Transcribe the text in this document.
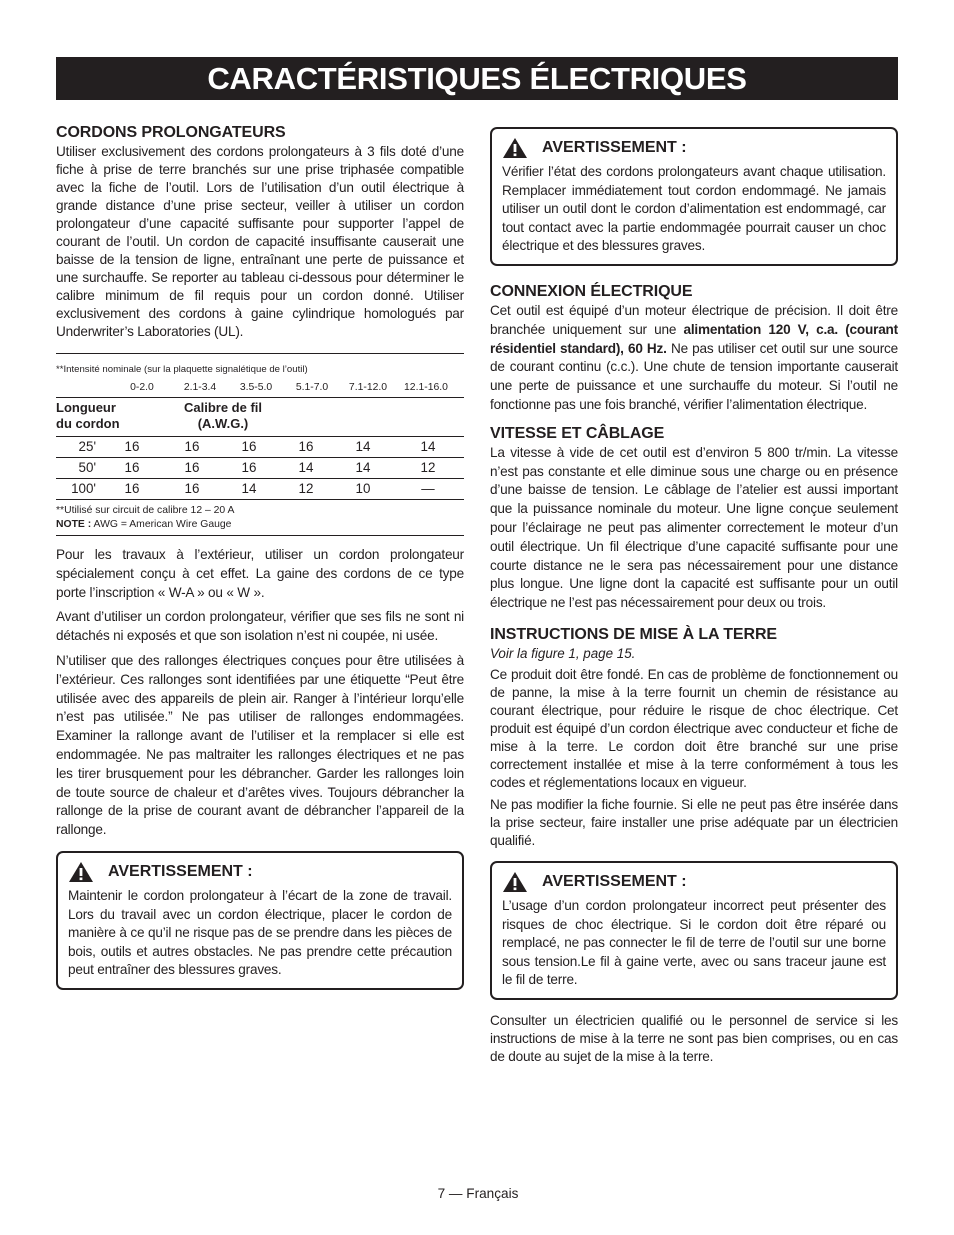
CARACTÉRISTIQUES ÉLECTRIQUES
CORDONS PROLONGATEURS

Utiliser exclusivement des cordons prolongateurs à 3 fils doté d’une fiche à prise de terre branchés sur une prise triphasée compatible avec la fiche de l’outil. Lors de l’utilisation d’un outil électrique à grande distance d’une prise secteur, veiller à utiliser un cordon prolongateur d’une capacité suffisante pour supporter l’appel de courant de l’outil. Un cordon de capacité insuffisante causerait une baisse de la tension de ligne, entraînant une perte de puissance et une surchauffe. Se reporter au tableau ci-dessous pour déterminer le calibre minimum de fil requis pour un cordon donné. Utiliser exclusivement des cordons à gaine cylindrique homologués par Underwriter’s Laboratories (UL).

**Intensité nominale (sur la plaquette signalétique de l’outil)
0-2.0	2.1-3.4	3.5-5.0	5.1-7.0	7.1-12.0	12.1-16.0
Longueur
du cordon
Calibre de fil
(A.W.G.)
25'	16	16	16	16	14	14
50'	16	16	16	14	14	12
100'	16	16	14	12	10	—
**Utilisé sur circuit de calibre 12 – 20 A
NOTE : AWG = American Wire Gauge

Pour les travaux à l’extérieur, utiliser un cordon prolongateur spécialement conçu à cet effet. La gaine des cordons de ce type porte l’inscription « W-A » ou « W ».

Avant d’utiliser un cordon prolongateur, vérifier que ses fils ne sont ni détachés ni exposés et que son isolation n’est ni coupée, ni usée.

N’utiliser que des rallonges électriques conçues pour être utilisées à l’extérieur. Ces rallonges sont identifiées par une étiquette “Peut être utilisée avec des appareils de plein air. Ranger à l’intérieur lorqu’elle n’est pas utilisée.” Ne pas utiliser de rallonges endommagées. Examiner la rallonge avant de l’utiliser et la remplacer si elle est endommagée. Ne pas maltraiter les rallonges électriques et ne pas les tirer brusquement pour les débrancher. Garder les rallonges loin de toute source de chaleur et d’arêtes vives. Toujours débrancher la rallonge de la prise de courant avant de débrancher l’appareil de la rallonge.

AVERTISSEMENT :

Maintenir le cordon prolongateur à l’écart de la zone de travail. Lors du travail avec un cordon électrique, placer le cordon de manière à ce qu’il ne risque pas de se prendre dans les pièces de bois, outils et autres obstacles. Ne pas prendre cette précaution peut entraîner des blessures graves.

AVERTISSEMENT :

Vérifier l’état des cordons prolongateurs avant chaque utilisation. Remplacer immédiatement tout cordon endommagé. Ne jamais utiliser un outil dont le cordon d’alimentation est endommagé, car tout contact avec la partie endommagée pourrait causer un choc électrique et des blessures graves.

CONNEXION ÉLECTRIQUE

Cet outil est équipé d’un moteur électrique de précision. Il doit être branchée uniquement sur une alimentation 120 V, c.a. (courant résidentiel standard), 60 Hz. Ne pas utiliser cet outil sur une source de courant continu (c.c.). Une chute de tension importante causerait une perte de puissance et une surchauffe du moteur. Si l’outil ne fonctionne pas une fois branché, vérifier l’alimentation électrique.

VITESSE ET CÂBLAGE

La vitesse à vide de cet outil est d’environ 5 800 tr/min. La vitesse n’est pas constante et elle diminue sous une charge ou en présence d’une baisse de tension. Le câblage de l’atelier est aussi important que la puissance nominale du moteur. Une ligne conçue seulement pour l’éclairage ne peut pas alimenter correctement le moteur d’un outil électrique. Un fil électrique d’une capacité suffisante pour une courte distance ne le sera pas nécessairement pour une distance plus longue. Une ligne dont la capacité est suffisante pour un outil électrique ne l’est pas nécessairement pour deux ou trois.

INSTRUCTIONS DE MISE À LA TERRE
Voir la figure 1, page 15.

Ce produit doit être fondé. En cas de problème de fonctionnement ou de panne, la mise à la terre fournit un chemin de résistance au courant électrique, pour réduire le risque de choc électrique. Cet produit est équipé d’un cordon électrique avec conducteur et fiche de mise à la terre. Le cordon doit être branché sur une prise correctement installée et mise à la terre conformément à tous les codes et réglementations locaux en vigueur.

Ne pas modifier la fiche fournie. Si elle ne peut pas être insérée dans la prise secteur, faire installer une prise adéquate par un électricien qualifié.

AVERTISSEMENT :

L’usage d’un cordon prolongateur incorrect peut présenter des risques de choc électrique. Si le cordon doit être réparé ou remplacé, ne pas connecter le fil de terre de l’outil sur une borne sous tension.Le fil à gaine verte, avec ou sans traceur jaune est le fil de terre.

Consulter un électricien qualifié ou le personnel de service si les instructions de mise à la terre ne sont pas bien comprises, ou en cas de doute au sujet de la mise à la terre.

7 — Français
